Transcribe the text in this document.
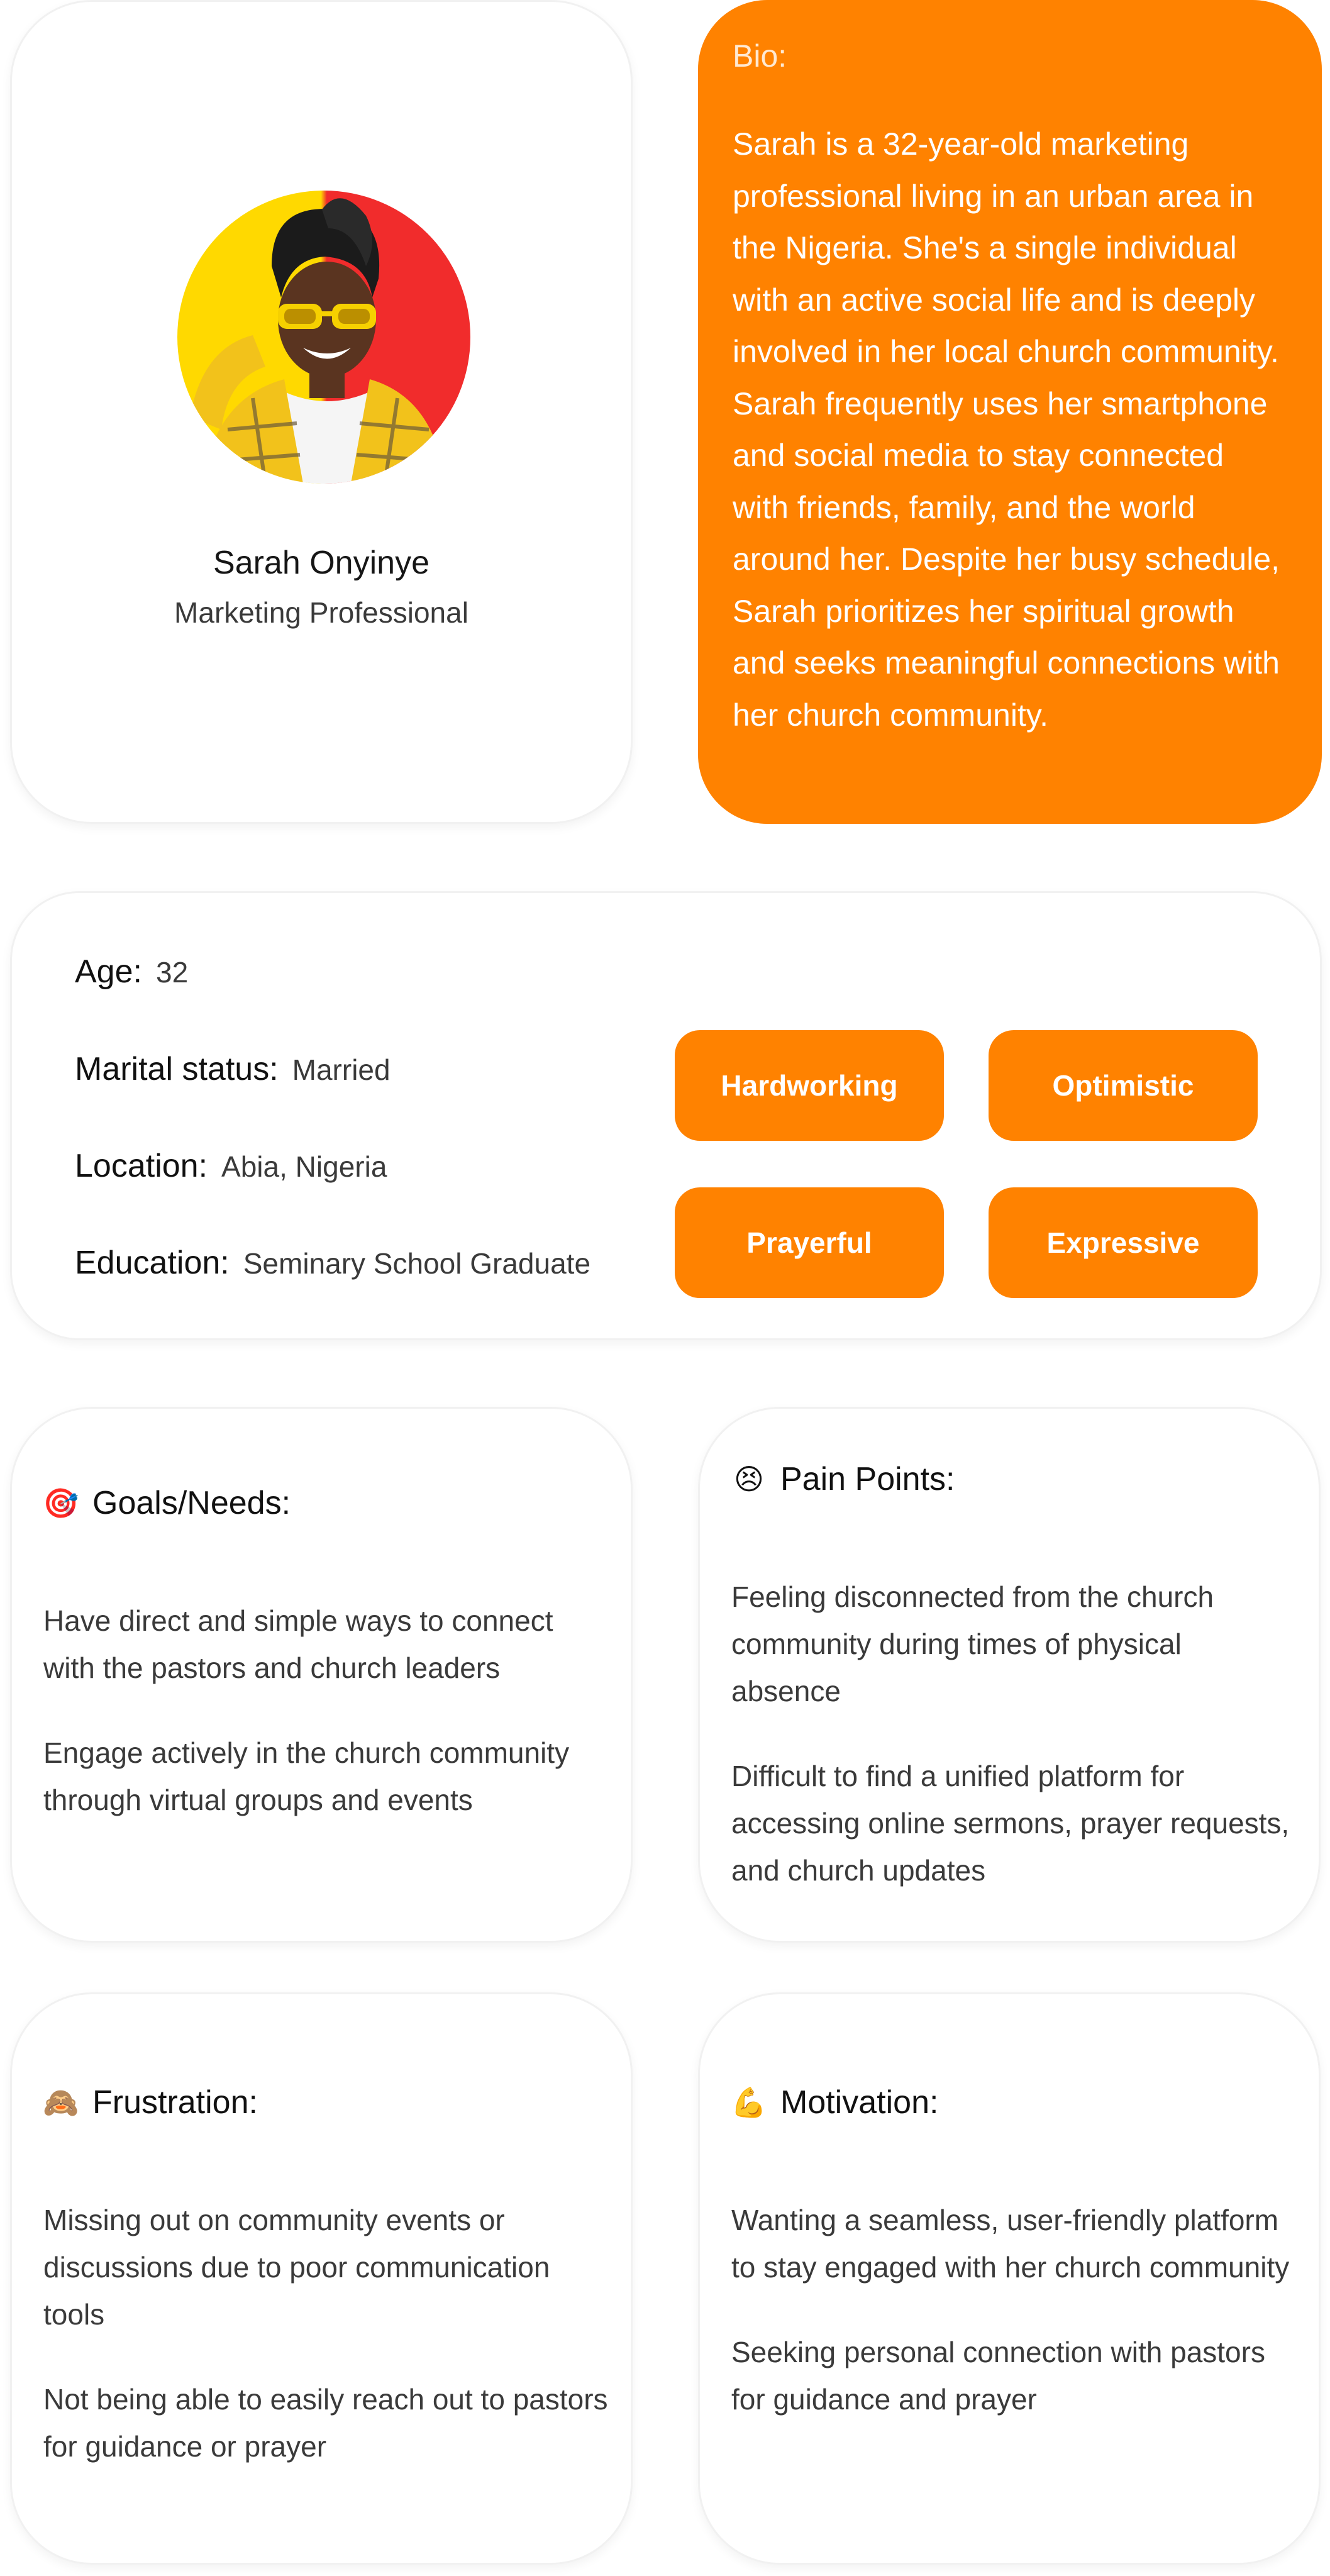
Sarah Onyinye
Marketing Professional
Bio:
Sarah is a 32-year-old marketing professional living in an urban area in the Nigeria. She's a single individual with an active social life and is deeply involved in her local church community. Sarah frequently uses her smartphone and social media to stay connected with friends, family, and the world around her. Despite her busy schedule, Sarah prioritizes her spiritual growth and seeks meaningful connections with her church community.
Age: 32
Marital status: Married
Location: Abia, Nigeria
Education: Seminary School Graduate
Hardworking	Optimistic
Prayerful	Expressive
🎯 Goals/Needs:

Have direct and simple ways to connect with the pastors and church leaders

Engage actively in the church community through virtual groups and events

😣 Pain Points:

Feeling disconnected from the church community during times of physical absence

Difficult to find a unified platform for accessing online sermons, prayer requests, and church updates

🙈 Frustration:

Missing out on community events or discussions due to poor communication tools

Not being able to easily reach out to pastors for guidance or prayer

💪 Motivation:

Wanting a seamless, user-friendly platform to stay engaged with her church community

Seeking personal connection with pastors for guidance and prayer
